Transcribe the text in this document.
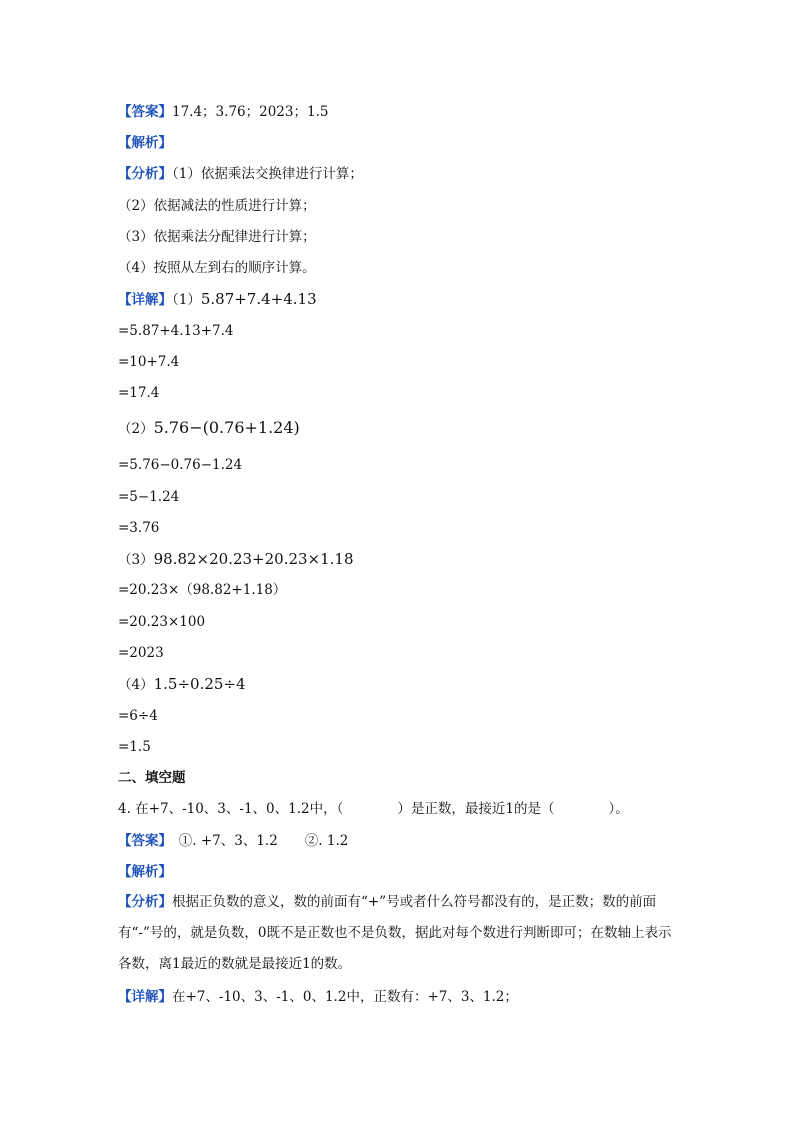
【答案】17.4；3.76；2023；1.5
【解析】
【分析】（1）依据乘法交换律进行计算；
（2）依据减法的性质进行计算；
（3）依据乘法分配律进行计算；
（4）按照从左到右的顺序计算。
【详解】（1）5.87+7.4+4.13
=5.87+4.13+7.4
=10+7.4
=17.4
（2）5.76−(0.76+1.24)
=5.76−0.76−1.24
=5−1.24
=3.76
（3）98.82×20.23+20.23×1.18
=20.23×（98.82+1.18）
=20.23×100
=2023
（4）1.5÷0.25÷4
=6÷4
=1.5
二、填空题
4. 在+7、-10、3、-1、0、1.2中，（　　　　）是正数，最接近1的是（　　　　）。
【答案】　①. +7、3、1.2　　②. 1.2
【解析】
【分析】根据正负数的意义，数的前面有“+”号或者什么符号都没有的，是正数；数的前面有“-”号的，就是负数，0既不是正数也不是负数，据此对每个数进行判断即可；在数轴上表示各数，离1最近的数就是最接近1的数。
【详解】在+7、-10、3、-1、0、1.2中，正数有：+7、3、1.2；
